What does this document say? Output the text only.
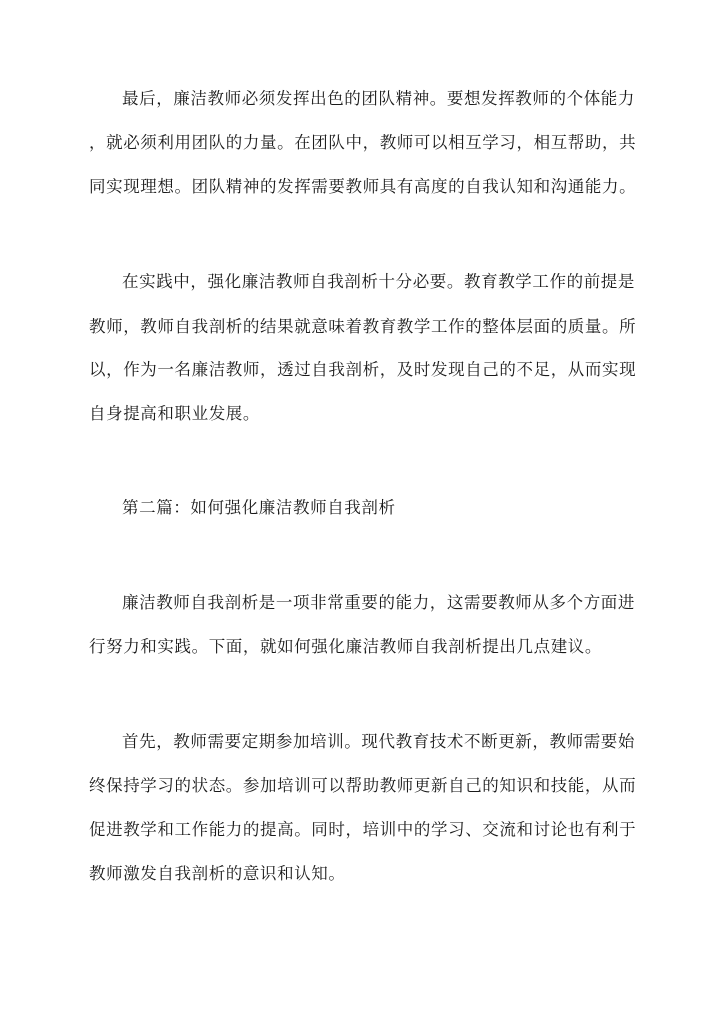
最后，廉洁教师必须发挥出色的团队精神。要想发挥教师的个体能力

，就必须利用团队的力量。在团队中，教师可以相互学习，相互帮助，共

同实现理想。团队精神的发挥需要教师具有高度的自我认知和沟通能力。

在实践中，强化廉洁教师自我剖析十分必要。教育教学工作的前提是

教师，教师自我剖析的结果就意味着教育教学工作的整体层面的质量。所

以，作为一名廉洁教师，透过自我剖析，及时发现自己的不足，从而实现

自身提高和职业发展。

第二篇：如何强化廉洁教师自我剖析

廉洁教师自我剖析是一项非常重要的能力，这需要教师从多个方面进

行努力和实践。下面，就如何强化廉洁教师自我剖析提出几点建议。

首先，教师需要定期参加培训。现代教育技术不断更新，教师需要始

终保持学习的状态。参加培训可以帮助教师更新自己的知识和技能，从而

促进教学和工作能力的提高。同时，培训中的学习、交流和讨论也有利于

教师激发自我剖析的意识和认知。
